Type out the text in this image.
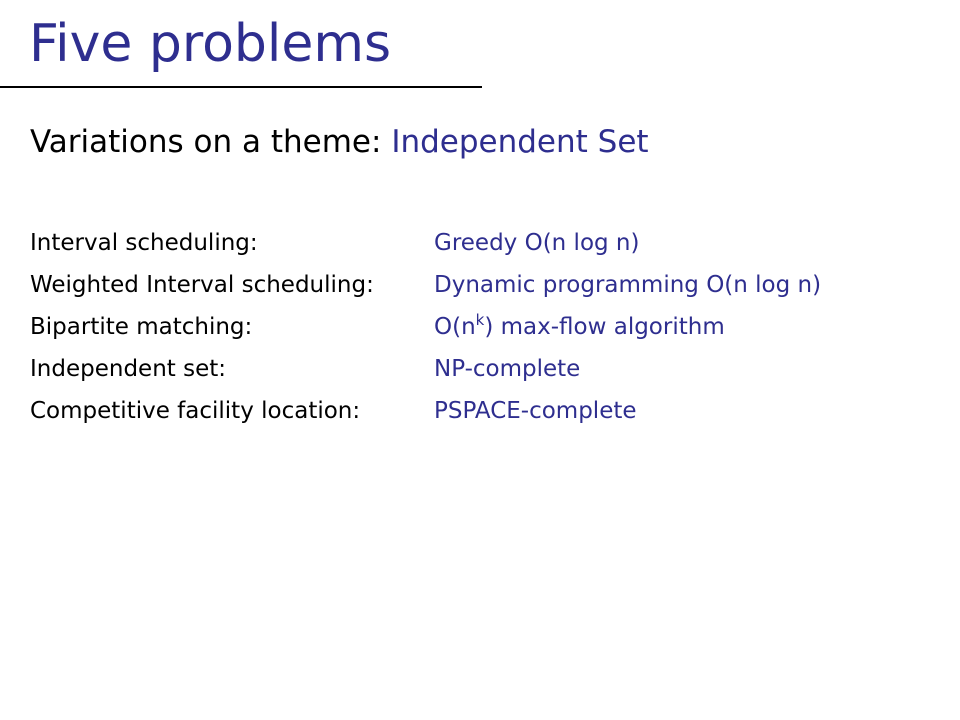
Five problems
Variations on a theme: Independent Set
Interval scheduling:	Greedy O(n log n)
Weighted Interval scheduling:	Dynamic programming O(n log n)
Bipartite matching:	$O(n^k)$ max-flow algorithm
Independent set:	NP-complete
Competitive facility location:	PSPACE-complete
